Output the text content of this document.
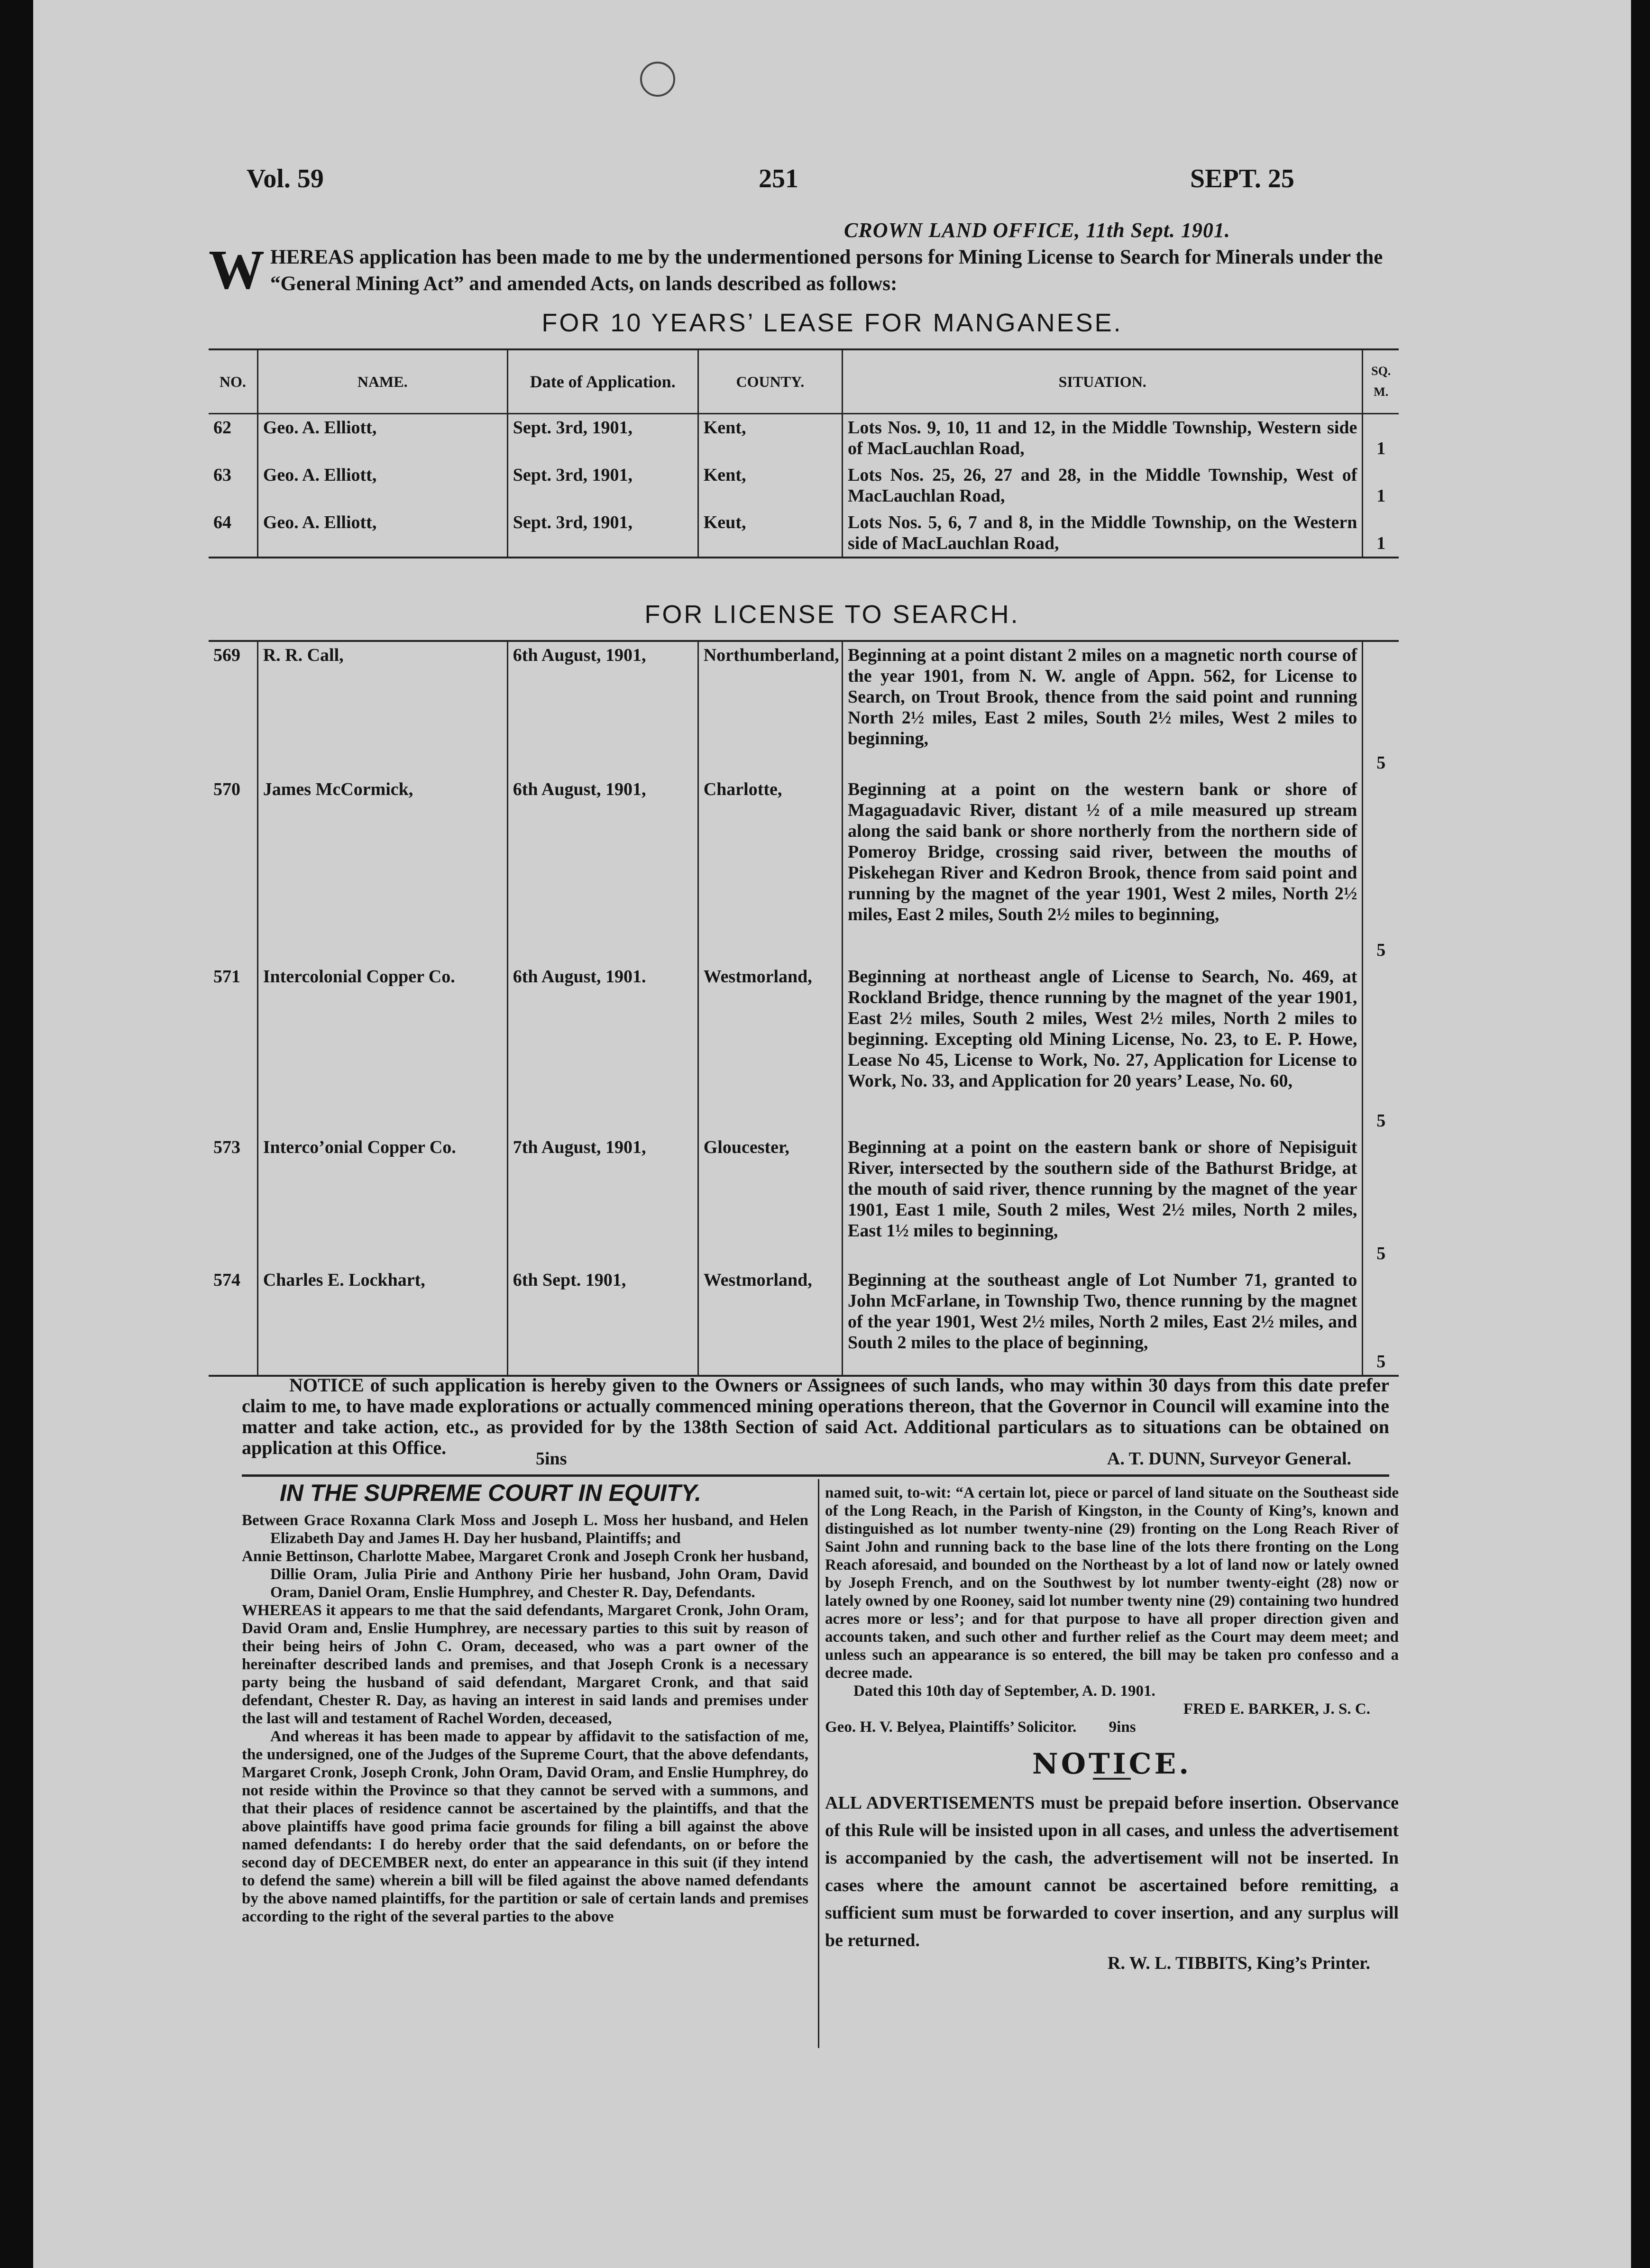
Vol. 59	251	SEPT. 25
CROWN LAND OFFICE, 11th Sept. 1901.
W HEREAS application has been made to me by the undermentioned persons for Mining License to Search for Minerals under the “General Mining Act” and amended Acts, on lands described as follows:
FOR 10 YEARS’ LEASE FOR MANGANESE.
NO.	NAME.	Date of Application.	COUNTY.	SITUATION.	SQ. M.
62	Geo. A. Elliott,	Sept. 3rd, 1901,	Kent,	Lots Nos. 9, 10, 11 and 12, in the Middle Township, Western side of MacLauchlan Road,	1
63	Geo. A. Elliott,	Sept. 3rd, 1901,	Kent,	Lots Nos. 25, 26, 27 and 28, in the Middle Township, West of MacLauchlan Road,	1
64	Geo. A. Elliott,	Sept. 3rd, 1901,	Keut,	Lots Nos. 5, 6, 7 and 8, in the Middle Township, on the Western side of MacLauchlan Road,	1
FOR LICENSE TO SEARCH.
569	R. R. Call,	6th August, 1901,	Northumberland,	Beginning at a point distant 2 miles on a magnetic north course of the year 1901, from N. W. angle of Appn. 562, for License to Search, on Trout Brook, thence from the said point and running North 2½ miles, East 2 miles, South 2½ miles, West 2 miles to beginning,	5
570	James McCormick,	6th August, 1901,	Charlotte,	Beginning at a point on the western bank or shore of Magaguadavic River, distant ½ of a mile measured up stream along the said bank or shore northerly from the northern side of Pomeroy Bridge, crossing said river, between the mouths of Piskehegan River and Kedron Brook, thence from said point and running by the magnet of the year 1901, West 2 miles, North 2½ miles, East 2 miles, South 2½ miles to beginning,	5
571	Intercolonial Copper Co.	6th August, 1901.	Westmorland,	Beginning at northeast angle of License to Search, No. 469, at Rockland Bridge, thence running by the magnet of the year 1901, East 2½ miles, South 2 miles, West 2½ miles, North 2 miles to beginning. Excepting old Mining License, No. 23, to E. P. Howe, Lease No 45, License to Work, No. 27, Application for License to Work, No. 33, and Application for 20 years’ Lease, No. 60,	5
573	Interco’onial Copper Co.	7th August, 1901,	Gloucester,	Beginning at a point on the eastern bank or shore of Nepisiguit River, intersected by the southern side of the Bathurst Bridge, at the mouth of said river, thence running by the magnet of the year 1901, East 1 mile, South 2 miles, West 2½ miles, North 2 miles, East 1½ miles to beginning,	5
574	Charles E. Lockhart,	6th Sept. 1901,	Westmorland,	Beginning at the southeast angle of Lot Number 71, granted to John McFarlane, in Township Two, thence running by the magnet of the year 1901, West 2½ miles, North 2 miles, East 2½ miles, and South 2 miles to the place of beginning,	5
NOTICE of such application is hereby given to the Owners or Assignees of such lands, who may within 30 days from this date prefer claim to me, to have made explorations or actually commenced mining operations thereon, that the Governor in Council will examine into the matter and take action, etc., as provided for by the 138th Section of said Act. Additional particulars as to situations can be obtained on application at this Office.
5ins	A. T. DUNN, Surveyor General.
IN THE SUPREME COURT IN EQUITY.

Between Grace Roxanna Clark Moss and Joseph L. Moss her husband, and Helen Elizabeth Day and James H. Day her husband, Plaintiffs; and

Annie Bettinson, Charlotte Mabee, Margaret Cronk and Joseph Cronk her husband, Dillie Oram, Julia Pirie and Anthony Pirie her husband, John Oram, David Oram, Daniel Oram, Enslie Humphrey, and Chester R. Day, Defendants.

WHEREAS it appears to me that the said defendants, Margaret Cronk, John Oram, David Oram and, Enslie Humphrey, are necessary parties to this suit by reason of their being heirs of John C. Oram, deceased, who was a part owner of the hereinafter described lands and premises, and that Joseph Cronk is a necessary party being the husband of said defendant, Margaret Cronk, and that said defendant, Chester R. Day, as having an interest in said lands and premises under the last will and testament of Rachel Worden, deceased,

And whereas it has been made to appear by affidavit to the satisfaction of me, the undersigned, one of the Judges of the Supreme Court, that the above defendants, Margaret Cronk, Joseph Cronk, John Oram, David Oram, and Enslie Humphrey, do not reside within the Province so that they cannot be served with a summons, and that their places of residence cannot be ascertained by the plaintiffs, and that the above plaintiffs have good prima facie grounds for filing a bill against the above named defendants: I do hereby order that the said defendants, on or before the second day of DECEMBER next, do enter an appearance in this suit (if they intend to defend the same) wherein a bill will be filed against the above named defendants by the above named plaintiffs, for the partition or sale of certain lands and premises according to the right of the several parties to the above

named suit, to-wit: “A certain lot, piece or parcel of land situate on the Southeast side of the Long Reach, in the Parish of Kingston, in the County of King’s, known and distinguished as lot number twenty-nine (29) fronting on the Long Reach River of Saint John and running back to the base line of the lots there fronting on the Long Reach aforesaid, and bounded on the Northeast by a lot of land now or lately owned by Joseph French, and on the Southwest by lot number twenty-eight (28) now or lately owned by one Rooney, said lot number twenty nine (29) containing two hundred acres more or less’; and for that purpose to have all proper direction given and accounts taken, and such other and further relief as the Court may deem meet; and unless such an appearance is so entered, the bill may be taken pro confesso and a decree made.

Dated this 10th day of September, A. D. 1901.

FRED E. BARKER, J. S. C.

Geo. H. V. Belyea, Plaintiffs’ Solicitor. 9ins

NOTICE.

ALL ADVERTISEMENTS must be prepaid before insertion. Observance of this Rule will be insisted upon in all cases, and unless the advertisement is accompanied by the cash, the advertisement will not be inserted. In cases where the amount cannot be ascertained before remitting, a sufficient sum must be forwarded to cover insertion, and any surplus will be returned.

R. W. L. TIBBITS, King’s Printer.
